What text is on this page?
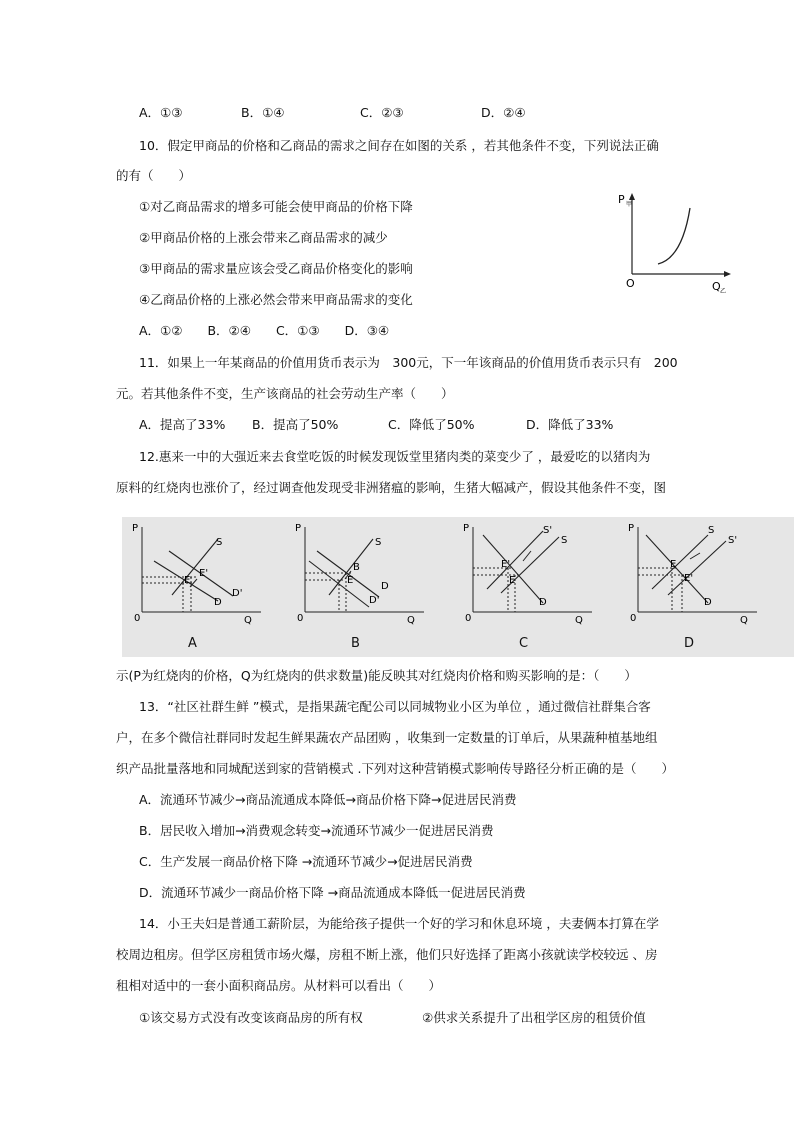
A．①③	B．①④	C．②③	D．②④
10．假定甲商品的价格和乙商品的需求之间存在如图的关系 ，若其他条件不变，下列说法正确
的有（　　）
①对乙商品需求的增多可能会使甲商品的价格下降
②甲商品价格的上涨会带来乙商品需求的减少
③甲商品的需求量应该会受乙商品价格变化的影响
④乙商品价格的上涨必然会带来甲商品需求的变化
A．①②　　B．②④　　C．①③　　D．③④
P 甲
O	Q 乙
11．如果上一年某商品的价值用货币表示为　300元，下一年该商品的价值用货币表示只有　200
元。若其他条件不变，生产该商品的社会劳动生产率（　　）
A．提高了33% B．提高了50%	C．降低了50%	D．降低了33%
12.惠来一中的大强近来去食堂吃饭的时候发现饭堂里猪肉类的菜变少了 ，最爱吃的以猪肉为
原料的红烧肉也涨价了，经过调查他发现受非洲猪瘟的影响，生猪大幅减产，假设其他条件不变，图
P
Q
0
S
E'
E
D'
D
A
P
Q
0
S
E
B
D
D'
B
P
Q
0
S'
S
E'
E
D
C
P
Q
0
S
S'
E
E'
D
D
示(P为红烧肉的价格，Q为红烧肉的供求数量)能反映其对红烧肉价格和购买影响的是：（　　）
13．“社区社群生鲜 ”模式，是指果蔬宅配公司以同城物业小区为单位 ，通过微信社群集合客
户，在多个微信社群同时发起生鲜果蔬农产品团购 ，收集到一定数量的订单后，从果蔬种植基地组
织产品批量落地和同城配送到家的营销模式 .下列对这种营销模式影响传导路径分析正确的是（　　）
A．流通环节减少→商品流通成本降低→商品价格下降→促进居民消费
B．居民收入增加→消费观念转变→流通环节减少一促进居民消费
C．生产发展一商品价格下降 →流通环节减少→促进居民消费
D．流通环节减少一商品价格下降 →商品流通成本降低一促进居民消费
14．小王夫妇是普通工薪阶层，为能给孩子提供一个好的学习和休息环境 ，夫妻俩本打算在学
校周边租房。但学区房租赁市场火爆，房租不断上涨，他们只好选择了距离小孩就读学校较远 、房
租相对适中的一套小面积商品房。从材料可以看出（　　）
①该交易方式没有改变该商品房的所有权	②供求关系提升了出租学区房的租赁价值
